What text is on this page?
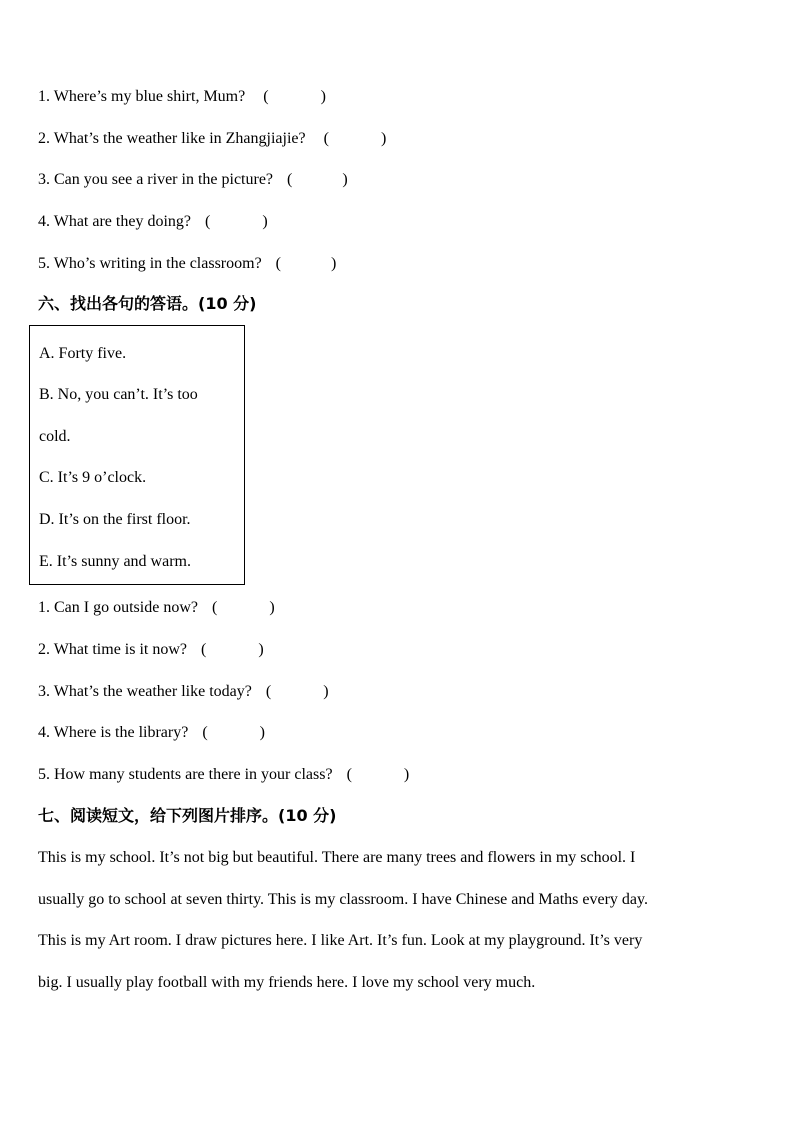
1. Where’s my blue shirt, Mum? (	)
2. What’s the weather like in Zhangjiajie? (	)
3. Can you see a river in the picture? (	)
4. What are they doing? (	)
5. Who’s writing in the classroom? (	)
六、找出各句的答语。(10 分)
A. Forty five.
B. No, you can’t. It’s too
cold.
C. It’s 9 o’clock.
D. It’s on the first floor.
E. It’s sunny and warm.
1. Can I go outside now? (	)
2. What time is it now? (	)
3. What’s the weather like today? (	)
4. Where is the library? (	)
5. How many students are there in your class? (	)
七、阅读短文，给下列图片排序。(10 分)
This is my school. It’s not big but beautiful. There are many trees and flowers in my school. I
usually go to school at seven thirty. This is my classroom. I have Chinese and Maths every day.
This is my Art room. I draw pictures here. I like Art. It’s fun. Look at my playground. It’s very
big. I usually play football with my friends here. I love my school very much.
